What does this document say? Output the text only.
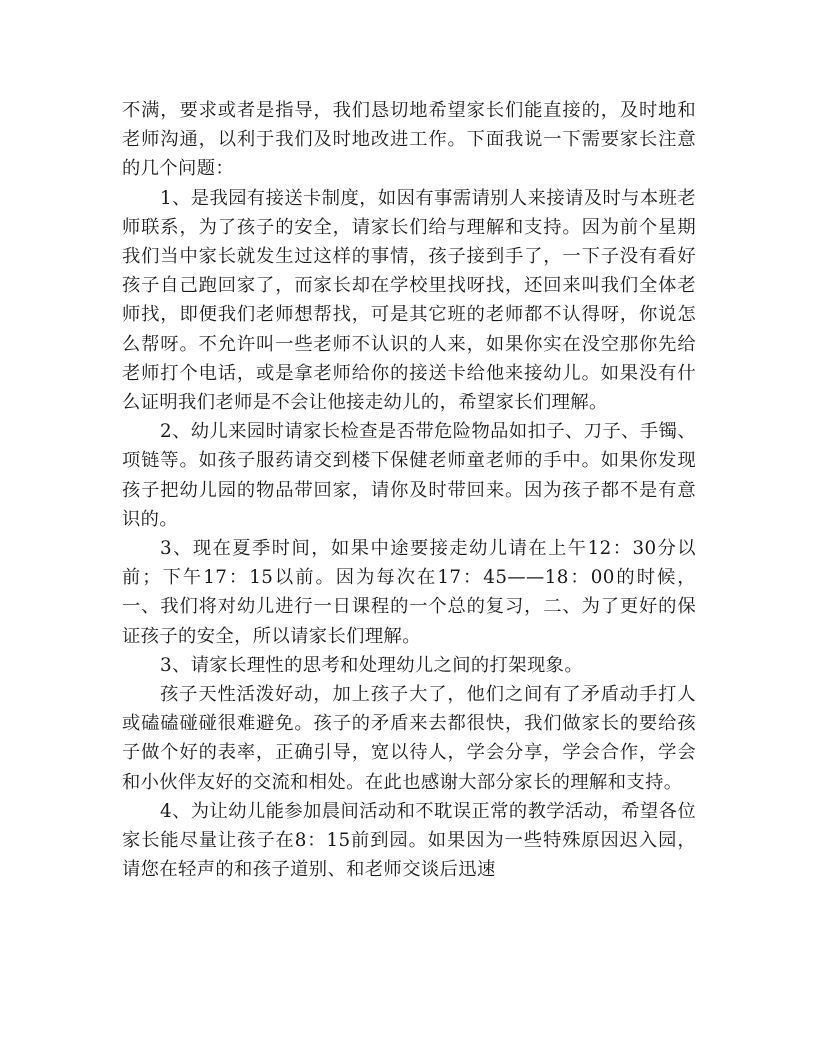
不满，要求或者是指导，我们恳切地希望家长们能直接的，及时地和老师沟通，以利于我们及时地改进工作。下面我说一下需要家长注意的几个问题：

1、是我园有接送卡制度，如因有事需请别人来接请及时与本班老师联系，为了孩子的安全，请家长们给与理解和支持。因为前个星期我们当中家长就发生过这样的事情，孩子接到手了，一下子没有看好孩子自己跑回家了，而家长却在学校里找呀找，还回来叫我们全体老师找，即便我们老师想帮找，可是其它班的老师都不认得呀，你说怎么帮呀。不允许叫一些老师不认识的人来，如果你实在没空那你先给老师打个电话，或是拿老师给你的接送卡给他来接幼儿。如果没有什么证明我们老师是不会让他接走幼儿的，希望家长们理解。

2、幼儿来园时请家长检查是否带危险物品如扣子、刀子、手镯、项链等。如孩子服药请交到楼下保健老师童老师的手中。如果你发现孩子把幼儿园的物品带回家，请你及时带回来。因为孩子都不是有意识的。

3、现在夏季时间，如果中途要接走幼儿请在上午12：30分以前；下午17：15以前。因为每次在17：45——18：00的时候，一、我们将对幼儿进行一日课程的一个总的复习，二、为了更好的保证孩子的安全，所以请家长们理解。

3、请家长理性的思考和处理幼儿之间的打架现象。

孩子天性活泼好动，加上孩子大了，他们之间有了矛盾动手打人或磕磕碰碰很难避免。孩子的矛盾来去都很快，我们做家长的要给孩子做个好的表率，正确引导，宽以待人，学会分享，学会合作，学会和小伙伴友好的交流和相处。在此也感谢大部分家长的理解和支持。

4、为让幼儿能参加晨间活动和不耽误正常的教学活动，希望各位家长能尽量让孩子在8：15前到园。如果因为一些特殊原因迟入园，请您在轻声的和孩子道别、和老师交谈后迅速
